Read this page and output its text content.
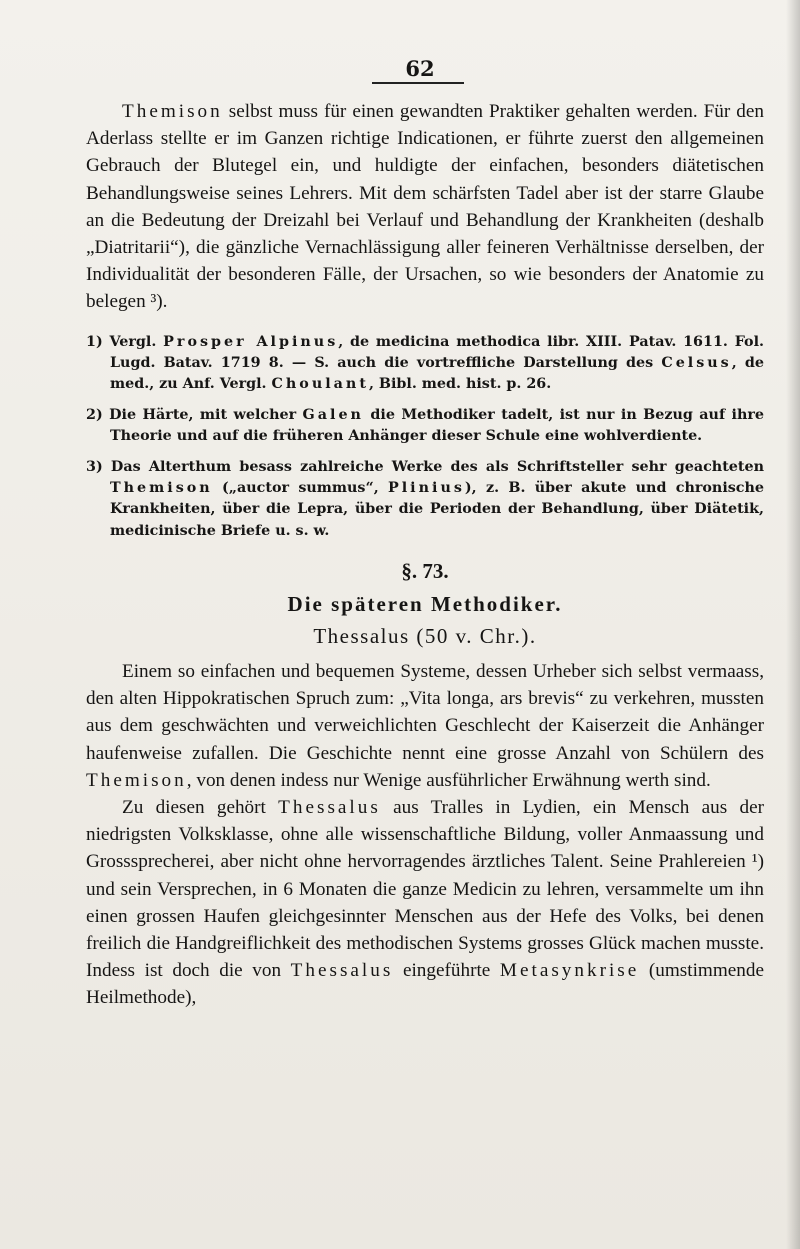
62

Themison selbst muss für einen gewandten Praktiker gehalten werden. Für den Aderlass stellte er im Ganzen richtige Indicationen, er führte zuerst den allgemeinen Gebrauch der Blutegel ein, und huldigte der einfachen, besonders diätetischen Behandlungsweise seines Lehrers. Mit dem schärfsten Tadel aber ist der starre Glaube an die Bedeutung der Dreizahl bei Verlauf und Behandlung der Krankheiten (deshalb „Diatritarii“), die gänzliche Vernachlässigung aller feineren Verhältnisse derselben, der Individualität der besonderen Fälle, der Ursachen, so wie besonders der Anatomie zu belegen ³).

1) Vergl. Prosper Alpinus, de medicina methodica libr. XIII. Patav. 1611. Fol. Lugd. Batav. 1719 8. — S. auch die vortreffliche Darstellung des Celsus, de med., zu Anf. Vergl. Choulant, Bibl. med. hist. p. 26.

2) Die Härte, mit welcher Galen die Methodiker tadelt, ist nur in Bezug auf ihre Theorie und auf die früheren Anhänger dieser Schule eine wohlverdiente.

3) Das Alterthum besass zahlreiche Werke des als Schriftsteller sehr geachteten Themison („auctor summus“, Plinius), z. B. über akute und chronische Krankheiten, über die Lepra, über die Perioden der Behandlung, über Diätetik, medicinische Briefe u. s. w.

§. 73.
Die späteren Methodiker.
Thessalus (50 v. Chr.).

Einem so einfachen und bequemen Systeme, dessen Urheber sich selbst vermaass, den alten Hippokratischen Spruch zum: „Vita longa, ars brevis“ zu verkehren, mussten aus dem geschwächten und verweichlichten Geschlecht der Kaiserzeit die Anhänger haufenweise zufallen. Die Geschichte nennt eine grosse Anzahl von Schülern des Themison, von denen indess nur Wenige ausführlicher Erwähnung werth sind.

Zu diesen gehört Thessalus aus Tralles in Lydien, ein Mensch aus der niedrigsten Volksklasse, ohne alle wissenschaftliche Bildung, voller Anmaassung und Grosssprecherei, aber nicht ohne hervorragendes ärztliches Talent. Seine Prahlereien ¹) und sein Versprechen, in 6 Monaten die ganze Medicin zu lehren, versammelte um ihn einen grossen Haufen gleichgesinnter Menschen aus der Hefe des Volks, bei denen freilich die Handgreiflichkeit des methodischen Systems grosses Glück machen musste. Indess ist doch die von Thessalus eingeführte Metasynkrise (umstimmende Heilmethode),
